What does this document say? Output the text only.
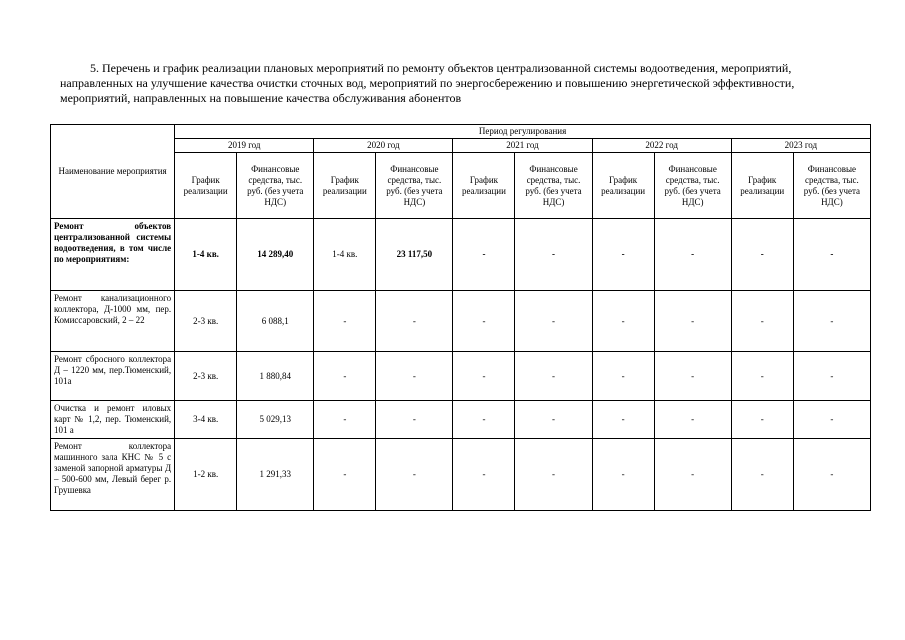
5. Перечень и график реализации плановых мероприятий по ремонту объектов централизованной системы водоотведения, мероприятий,
направленных на улучшение качества очистки сточных вод, мероприятий по энергосбережению и повышению энергетической эффективности,
мероприятий, направленных на повышение качества обслуживания абонентов
Наименование мероприятия	Период регулирования									
	2019 год		2020 год		2021 год		2022 год		2023 год	
	График реализации	Финансовые средства, тыс. руб. (без учета НДС)	График реализации	Финансовые средства, тыс. руб. (без учета НДС)	График реализации	Финансовые средства, тыс. руб. (без учета НДС)	График реализации	Финансовые средства, тыс. руб. (без учета НДС)	График реализации	Финансовые средства, тыс. руб. (без учета НДС)
Ремонт объектов централизованной системы водоотведения, в том числе по мероприятиям:	1-4 кв.	14 289,40	1-4 кв.	23 117,50	-	-	-	-	-	-
Ремонт канализационного коллектора, Д-1000 мм, пер. Комиссаровский, 2 – 22	2-3 кв.	6 088,1	-	-	-	-	-	-	-	-
Ремонт сбросного коллектора Д – 1220 мм, пер.Тюменский, 101а	2-3 кв.	1 880,84	-	-	-	-	-	-	-	-
Очистка и ремонт иловых карт № 1,2, пер. Тюменский, 101 а	3-4 кв.	5 029,13	-	-	-	-	-	-	-	-
Ремонт коллектора машинного зала КНС № 5 с заменой запорной арматуры Д – 500-600 мм, Левый берег р. Грушевка	1-2 кв.	1 291,33	-	-	-	-	-	-	-	-
